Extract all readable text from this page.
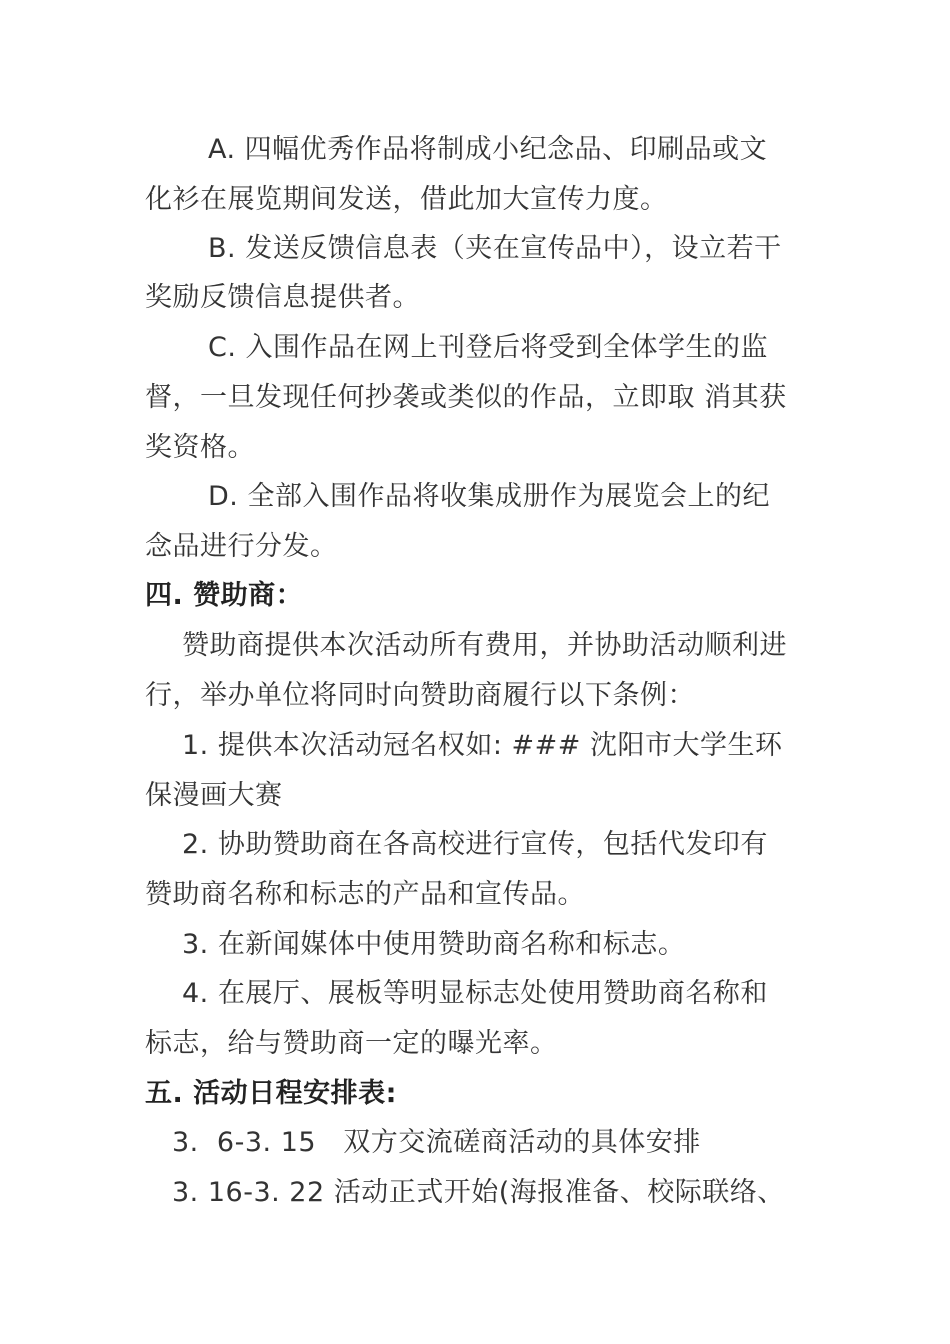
A. 四幅优秀作品将制成小纪念品、印刷品或文
化衫在展览期间发送，借此加大宣传力度。
B. 发送反馈信息表（夹在宣传品中），设立若干
奖励反馈信息提供者。
C. 入围作品在网上刊登后将受到全体学生的监
督，一旦发现任何抄袭或类似的作品，立即取 消其获
奖资格。
D. 全部入围作品将收集成册作为展览会上的纪
念品进行分发。
四. 赞助商：
赞助商提供本次活动所有费用，并协助活动顺利进
行，举办单位将同时向赞助商履行以下条例：
1. 提供本次活动冠名权如: ### 沈阳市大学生环
保漫画大赛
2. 协助赞助商在各高校进行宣传，包括代发印有
赞助商名称和标志的产品和宣传品。
3. 在新闻媒体中使用赞助商名称和标志。
4. 在展厅、展板等明显标志处使用赞助商名称和
标志，给与赞助商一定的曝光率。
五. 活动日程安排表:
3.  6-3. 15   双方交流磋商活动的具体安排
3. 16-3. 22 活动正式开始(海报准备、校际联络、
